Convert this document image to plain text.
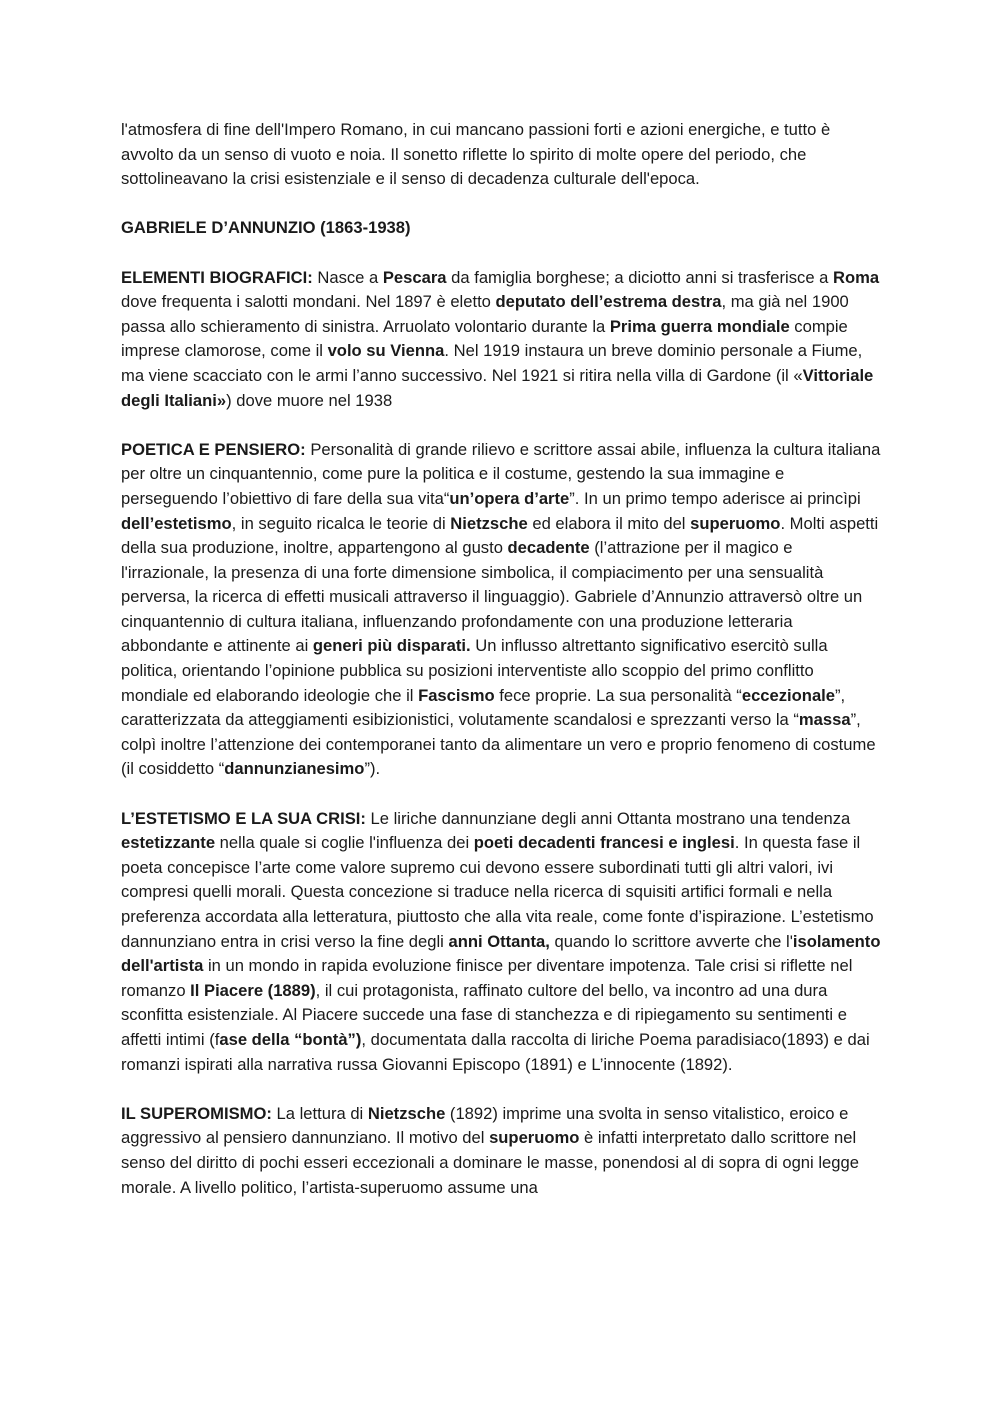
l'atmosfera di fine dell'Impero Romano, in cui mancano passioni forti e azioni energiche, e tutto è avvolto da un senso di vuoto e noia. Il sonetto riflette lo spirito di molte opere del periodo, che sottolineavano la crisi esistenziale e il senso di decadenza culturale dell'epoca.

GABRIELE D’ANNUNZIO (1863-1938)

ELEMENTI BIOGRAFICI: Nasce a Pescara da famiglia borghese; a diciotto anni si trasferisce a Roma dove frequenta i salotti mondani. Nel 1897 è eletto deputato dell’estrema destra, ma già nel 1900 passa allo schieramento di sinistra. Arruolato volontario durante la Prima guerra mondiale compie imprese clamorose, come il volo su Vienna. Nel 1919 instaura un breve dominio personale a Fiume, ma viene scacciato con le armi l’anno successivo. Nel 1921 si ritira nella villa di Gardone (il «Vittoriale degli Italiani») dove muore nel 1938

POETICA E PENSIERO: Personalità di grande rilievo e scrittore assai abile, influenza la cultura italiana per oltre un cinquantennio, come pure la politica e il costume, gestendo la sua immagine e perseguendo l’obiettivo di fare della sua vita“un’opera d’arte”. In un primo tempo aderisce ai princìpi dell’estetismo, in seguito ricalca le teorie di Nietzsche ed elabora il mito del superuomo. Molti aspetti della sua produzione, inoltre, appartengono al gusto decadente (l’attrazione per il magico e l'irrazionale, la presenza di una forte dimensione simbolica, il compiacimento per una sensualità perversa, la ricerca di effetti musicali attraverso il linguaggio). Gabriele d’Annunzio attraversò oltre un cinquantennio di cultura italiana, influenzando profondamente con una produzione letteraria abbondante e attinente ai generi più disparati. Un influsso altrettanto significativo esercitò sulla politica, orientando l’opinione pubblica su posizioni interventiste allo scoppio del primo conflitto mondiale ed elaborando ideologie che il Fascismo fece proprie. La sua personalità “eccezionale”, caratterizzata da atteggiamenti esibizionistici, volutamente scandalosi e sprezzanti verso la “massa”, colpì inoltre l’attenzione dei contemporanei tanto da alimentare un vero e proprio fenomeno di costume (il cosiddetto “dannunzianesimo”).

L’ESTETISMO E LA SUA CRISI: Le liriche dannunziane degli anni Ottanta mostrano una tendenza estetizzante nella quale si coglie l'influenza dei poeti decadenti francesi e inglesi. In questa fase il poeta concepisce l’arte come valore supremo cui devono essere subordinati tutti gli altri valori, ivi compresi quelli morali. Questa concezione si traduce nella ricerca di squisiti artifici formali e nella preferenza accordata alla letteratura, piuttosto che alla vita reale, come fonte d’ispirazione. L’estetismo dannunziano entra in crisi verso la fine degli anni Ottanta, quando lo scrittore avverte che l'isolamento dell'artista in un mondo in rapida evoluzione finisce per diventare impotenza. Tale crisi si riflette nel romanzo Il Piacere (1889), il cui protagonista, raffinato cultore del bello, va incontro ad una dura sconfitta esistenziale. Al Piacere succede una fase di stanchezza e di ripiegamento su sentimenti e affetti intimi (fase della “bontà”), documentata dalla raccolta di liriche Poema paradisiaco(1893) e dai romanzi ispirati alla narrativa russa Giovanni Episcopo (1891) e L’innocente (1892).

IL SUPEROMISMO: La lettura di Nietzsche (1892) imprime una svolta in senso vitalistico, eroico e aggressivo al pensiero dannunziano. Il motivo del superuomo è infatti interpretato dallo scrittore nel senso del diritto di pochi esseri eccezionali a dominare le masse, ponendosi al di sopra di ogni legge morale. A livello politico, l’artista-superuomo assume una
